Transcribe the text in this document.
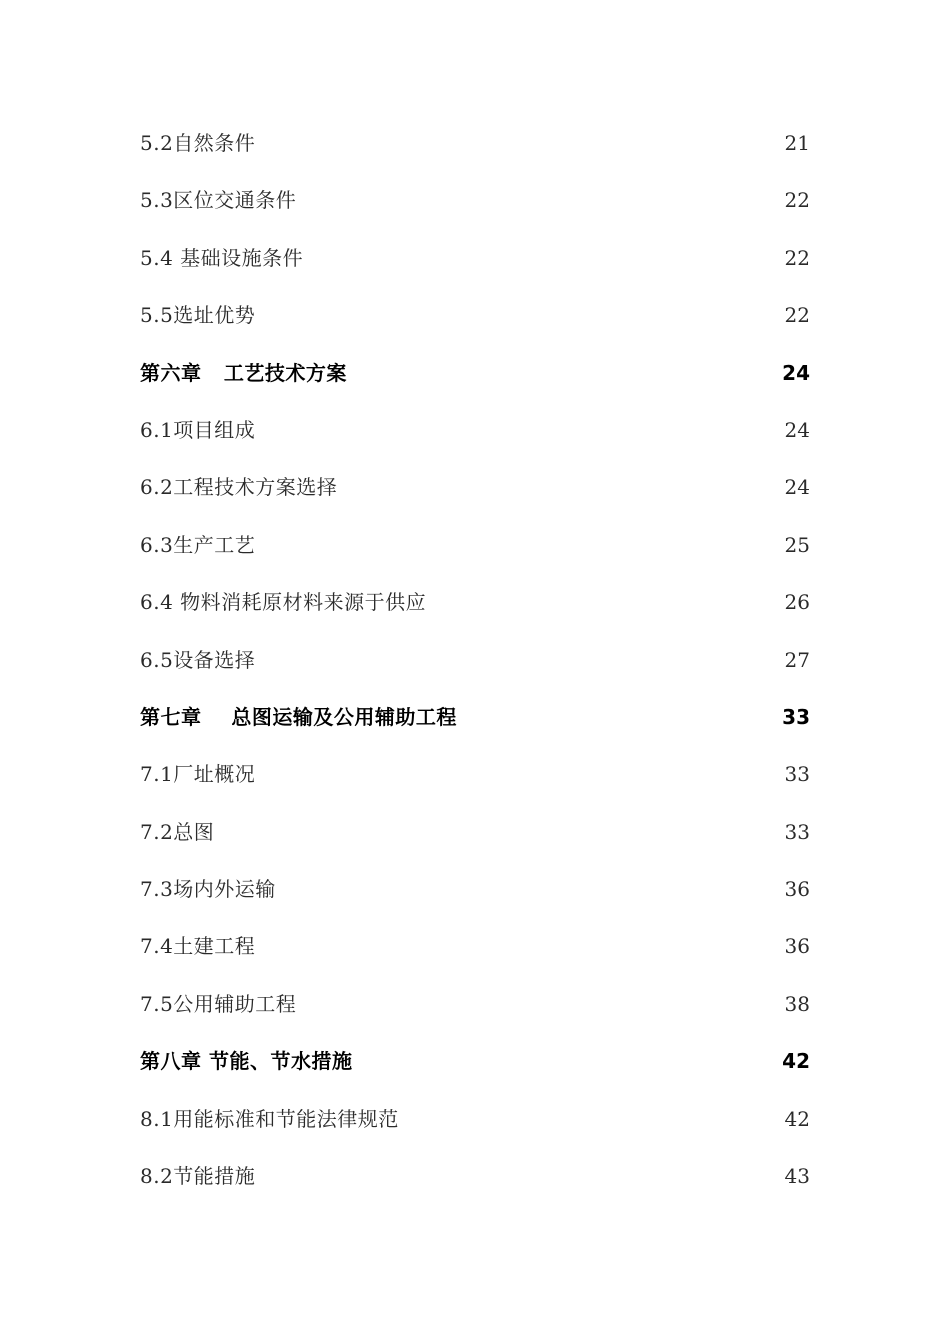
5.2自然条件	21
5.3区位交通条件	22
5.4 基础设施条件	22
5.5选址优势	22
第六章   工艺技术方案	24
6.1项目组成	24
6.2工程技术方案选择	24
6.3生产工艺	25
6.4 物料消耗原材料来源于供应	26
6.5设备选择	27
第七章    总图运输及公用辅助工程	33
7.1厂址概况	33
7.2总图	33
7.3场内外运输	36
7.4土建工程	36
7.5公用辅助工程	38
第八章 节能、节水措施	42
8.1用能标准和节能法律规范	42
8.2节能措施	43
